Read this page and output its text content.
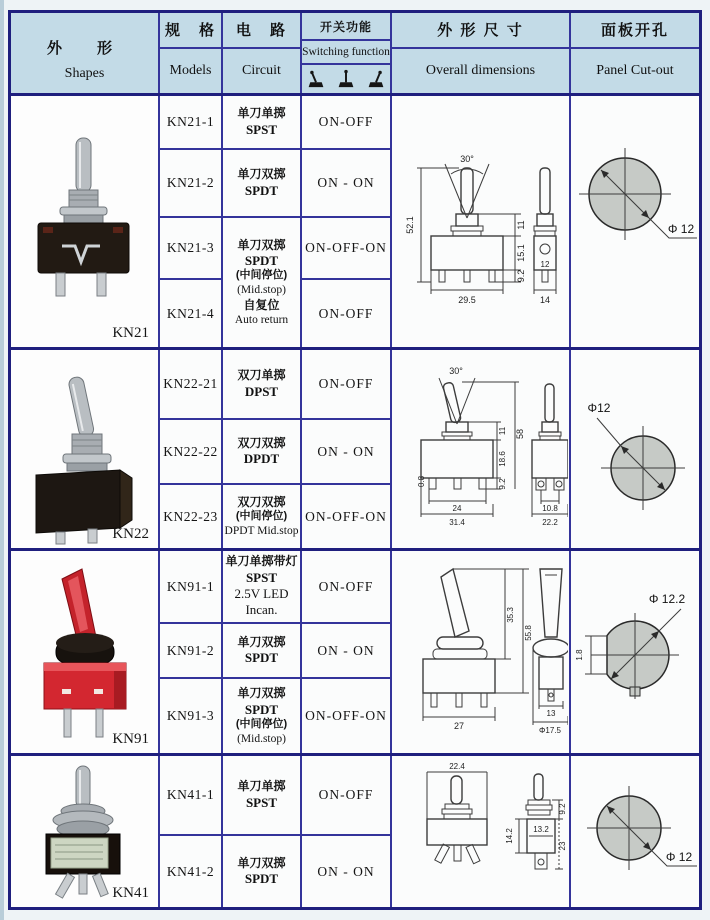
外　形
Shapes
规　格
Models
电　路
Circuit
开关功能
Switching function
外 形 尺 寸
Overall dimensions
面板开孔
Panel Cut-out
KN21
KN21-1
KN21-2
KN21-3
KN21-4
单刀单掷
SPST
单刀双掷
SPDT
单刀双掷
SPDT
(中间停位)
(Mid.stop)
自复位
Auto return
ON-OFF
ON - ON
ON-OFF-ON
ON-OFF
30°
52.1	11
15.1
9.2
29.5
12
14
Φ 12
KN22
KN22-21
KN22-22
KN22-23
双刀单掷
DPST
双刀双掷
DPDT
双刀双掷
(中间停位)
DPDT Mid.stop
ON-OFF
ON - ON
ON-OFF-ON
30°
11
18.6
9.2
58
0.8
24
31.4
10.8
22.2
Φ12
KN91
KN91-1
KN91-2
KN91-3
单刀单掷带灯
SPST
2.5V LED
Incan.
单刀双掷
SPDT
单刀双掷
SPDT
(中间停位)
(Mid.stop)
ON-OFF
ON - ON
ON-OFF-ON
35.3
55.8
27
13
Φ17.5
Φ 12.2
1.8
KN41
KN41-1
KN41-2
单刀单掷
SPST
单刀双掷
SPDT
ON-OFF
ON - ON
22.4
9.2
13.2
14.2
23
Φ 12
